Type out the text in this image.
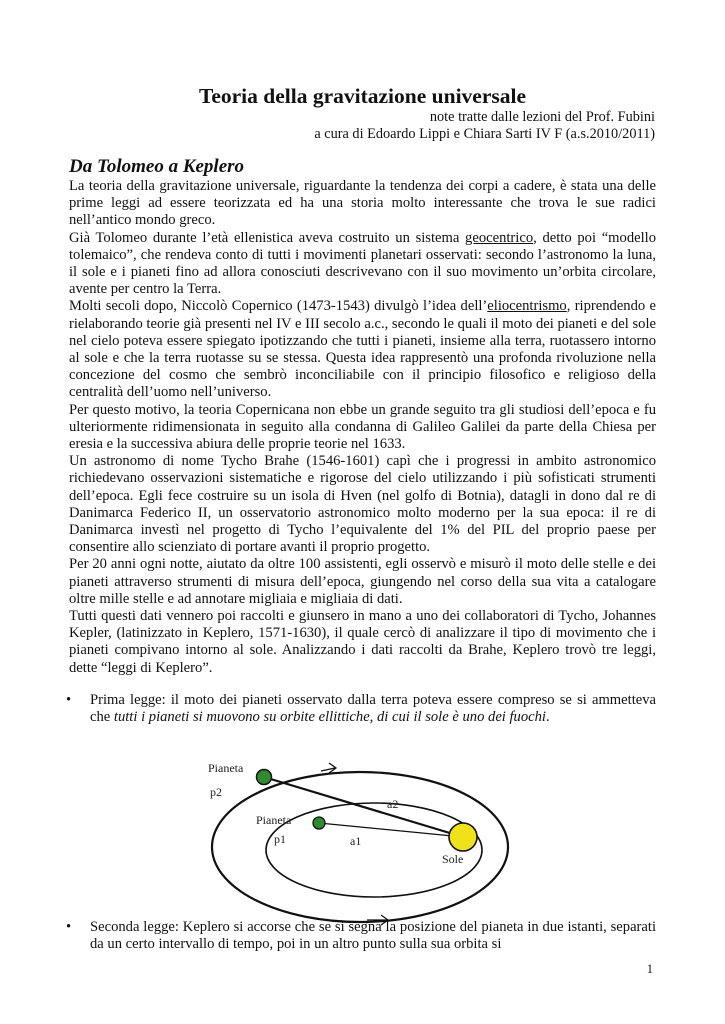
Teoria della gravitazione universale
note tratte dalle lezioni del Prof. Fubini
a cura di Edoardo Lippi e Chiara Sarti IV F (a.s.2010/2011)
Da Tolomeo a Keplero

La teoria della gravitazione universale, riguardante la tendenza dei corpi a cadere, è stata una delle prime leggi ad essere teorizzata ed ha una storia molto interessante che trova le sue radici nell’antico mondo greco.

Già Tolomeo durante l’età ellenistica aveva costruito un sistema geocentrico, detto poi “modello tolemaico”, che rendeva conto di tutti i movimenti planetari osservati: secondo l’astronomo la luna, il sole e i pianeti fino ad allora conosciuti descrivevano con il suo movimento un’orbita circolare, avente per centro la Terra.

Molti secoli dopo, Niccolò Copernico (1473-1543) divulgò l’idea dell’eliocentrismo, riprendendo e rielaborando teorie già presenti nel IV e III secolo a.c., secondo le quali il moto dei pianeti e del sole nel cielo poteva essere spiegato ipotizzando che tutti i pianeti, insieme alla terra, ruotassero intorno al sole e che la terra ruotasse su se stessa. Questa idea rappresentò una profonda rivoluzione nella concezione del cosmo che sembrò inconciliabile con il principio filosofico e religioso della centralità dell’uomo nell’universo.

Per questo motivo, la teoria Copernicana non ebbe un grande seguito tra gli studiosi dell’epoca e fu ulteriormente ridimensionata in seguito alla condanna di Galileo Galilei da parte della Chiesa per eresia e la successiva abiura delle proprie teorie nel 1633.

Un astronomo di nome Tycho Brahe (1546-1601) capì che i progressi in ambito astronomico richiedevano osservazioni sistematiche e rigorose del cielo utilizzando i più sofisticati strumenti dell’epoca. Egli fece costruire su un isola di Hven (nel golfo di Botnia), datagli in dono dal re di Danimarca Federico II, un osservatorio astronomico molto moderno per la sua epoca: il re di Danimarca investì nel progetto di Tycho l’equivalente del 1% del PIL del proprio paese per consentire allo scienziato di portare avanti il proprio progetto.

Per 20 anni ogni notte, aiutato da oltre 100 assistenti, egli osservò e misurò il moto delle stelle e dei pianeti attraverso strumenti di misura dell’epoca, giungendo nel corso della sua vita a catalogare oltre mille stelle e ad annotare migliaia e migliaia di dati.

Tutti questi dati vennero poi raccolti e giunsero in mano a uno dei collaboratori di Tycho, Johannes Kepler, (latinizzato in Keplero, 1571-1630), il quale cercò di analizzare il tipo di movimento che i pianeti compivano intorno al sole. Analizzando i dati raccolti da Brahe, Keplero trovò tre leggi, dette “leggi di Keplero”.

• Prima legge: il moto dei pianeti osservato dalla terra poteva essere compreso se si ammetteva che tutti i pianeti si muovono su orbite ellittiche, di cui il sole è uno dei fuochi.
Pianeta
p2
Pianeta
p1
a2
a1
Sole
• Seconda legge: Keplero si accorse che se si segna la posizione del pianeta in due istanti, separati da un certo intervallo di tempo, poi in un altro punto sulla sua orbita si
1
